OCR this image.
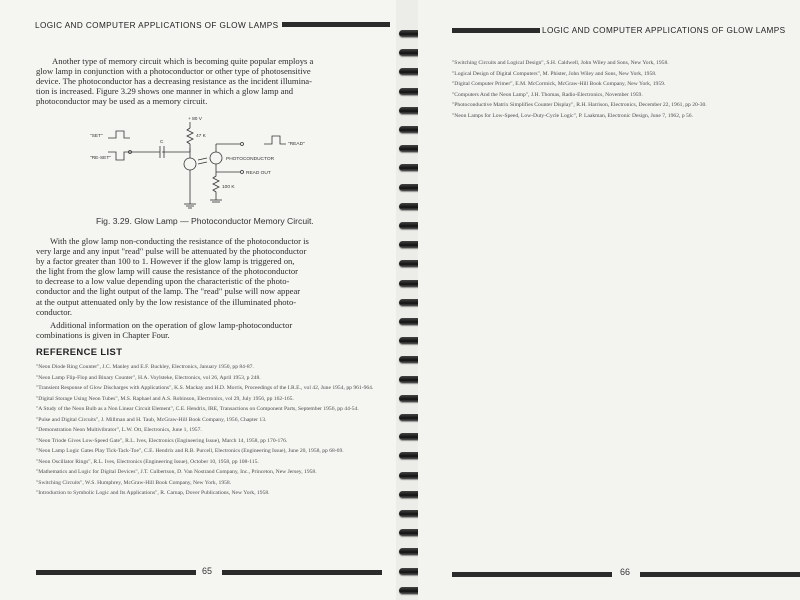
LOGIC AND COMPUTER APPLICATIONS OF GLOW LAMPS
Another type of memory circuit which is becoming quite popular employs a
glow lamp in conjunction with a photoconductor or other type of photosensitive
device. The photoconductor has a decreasing resistance as the incident illumina-
tion is increased. Figure 3.29 shows one manner in which a glow lamp and
photoconductor may be used as a memory circuit.
+ 80 V
47 K
C
"SET"
"RE-SET"
"READ"
PHOTOCONDUCTOR
READ OUT
100 K
Fig. 3.29. Glow Lamp — Photoconductor Memory Circuit.
With the glow lamp non-conducting the resistance of the photoconductor is
very large and any input "read" pulse will be attenuated by the photoconductor
by a factor greater than 100 to 1. However if the glow lamp is triggered on,
the light from the glow lamp will cause the resistance of the photoconductor
to decrease to a low value depending upon the characteristic of the photo-
conductor and the light output of the lamp. The "read" pulse will now appear
at the output attenuated only by the low resistance of the illuminated photo-
conductor.
Additional information on the operation of glow lamp-photoconductor
combinations is given in Chapter Four.
REFERENCE LIST
"Neon Diode Ring Counter", J.C. Manley and E.F. Buckley, Electronics, January 1950, pp 84-87.
"Neon Lamp Flip-Flop and Binary Counter", H.A. Voylsteke, Electronics, vol 26, April 1953, p 248.
"Transient Response of Glow Discharges with Applications", K.S. Mackay and H.D. Morris, Proceedings of the I.R.E., vol 42, June 1954, pp 961-964.
"Digital Storage Using Neon Tubes", M.S. Raphael and A.S. Robinson, Electronics, vol 29, July 1956, pp 162-165.
"A Study of the Neon Bulb as a Non Linear Circuit Element", C.E. Hendrix, IRE, Transactions on Component Parts, September 1956, pp 44-54.
"Pulse and Digital Circuits", J. Millman and H. Taub, McGraw-Hill Book Company, 1956, Chapter 13.
"Demonstration Neon Multivibrator", L.W. Ott, Electronics, June 1, 1957.
"Neon Triode Gives Low-Speed Gate", R.L. Ives, Electronics (Engineering Issue), March 14, 1958, pp 170-176.
"Neon Lamp Logic Gates Play Tick-Tack-Toe", C.E. Hendrix and R.B. Purcell, Electronics (Engineering Issue), June 20, 1958, pp 68-69.
"Neon Oscillator Rings", R.L. Ives, Electronics (Engineering Issue), October 10, 1958, pp 108-115.
"Mathematics and Logic for Digital Devices", J.T. Culbertson, D. Van Nostrand Company, Inc., Princeton, New Jersey, 1958.
"Switching Circuits", W.S. Humphrey, McGraw-Hill Book Company, New York, 1958.
"Introduction to Symbolic Logic and Its Applications", R. Carnap, Dover Publications, New York, 1958.
65
LOGIC AND COMPUTER APPLICATIONS OF GLOW LAMPS
"Switching Circuits and Logical Design", S.H. Caldwell, John Wiley and Sons, New York, 1958.
"Logical Design of Digital Computers", M. Phister, John Wiley and Sons, New York, 1958.
"Digital Computer Primer", E.M. McCormick, McGraw-Hill Book Company, New York, 1959.
"Computers And the Neon Lamp", J.H. Thomas, Radio-Electronics, November 1959.
"Photoconductive Matrix Simplifies Counter Display", R.H. Harrison, Electronics, December 22, 1961, pp 20-30.
"Neon Lamps for Low-Speed, Low-Duty-Cycle Logic", P. Laakman, Electronic Design, June 7, 1962, p 56.
66
